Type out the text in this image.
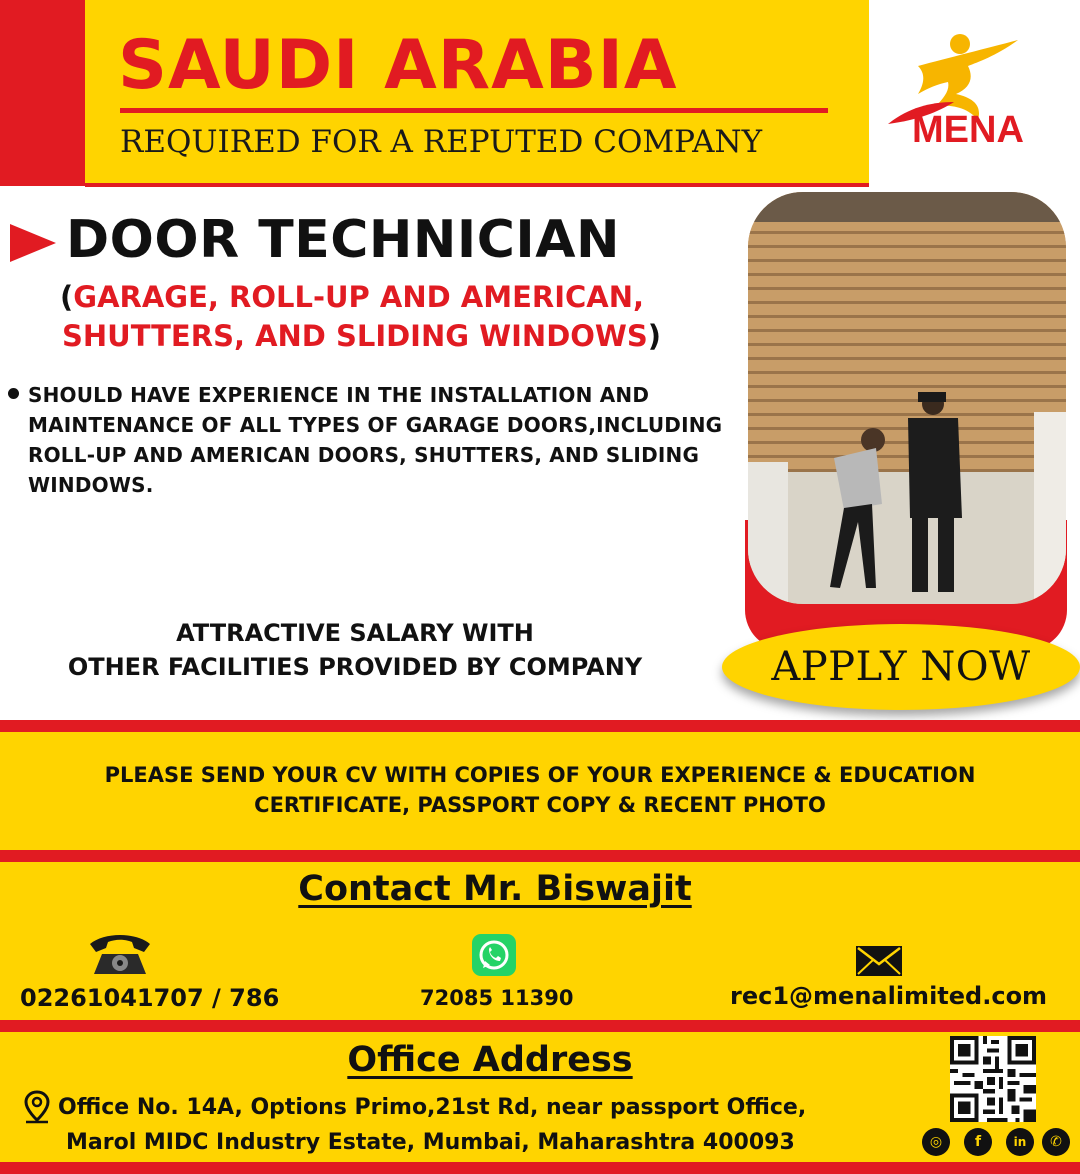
SAUDI ARABIA
REQUIRED FOR A REPUTED COMPANY	MENA
DOOR TECHNICIAN
(GARAGE, ROLL-UP AND AMERICAN,
SHUTTERS, AND SLIDING WINDOWS)
SHOULD HAVE EXPERIENCE IN THE INSTALLATION AND MAINTENANCE OF ALL TYPES OF GARAGE DOORS,INCLUDING ROLL-UP AND AMERICAN DOORS, SHUTTERS, AND SLIDING WINDOWS.
ATTRACTIVE SALARY WITH
OTHER FACILITIES PROVIDED BY COMPANY	APPLY NOW
PLEASE SEND YOUR CV WITH COPIES OF YOUR EXPERIENCE & EDUCATION
CERTIFICATE, PASSPORT COPY & RECENT PHOTO
Contact Mr. Biswajit
02261041707 / 786	72085 11390	rec1@menalimited.com
Office Address
Office No. 14A, Options Primo,21st Rd, near passport Office,
Marol MIDC Industry Estate, Mumbai, Maharashtra 400093	◎	f	in	✆
